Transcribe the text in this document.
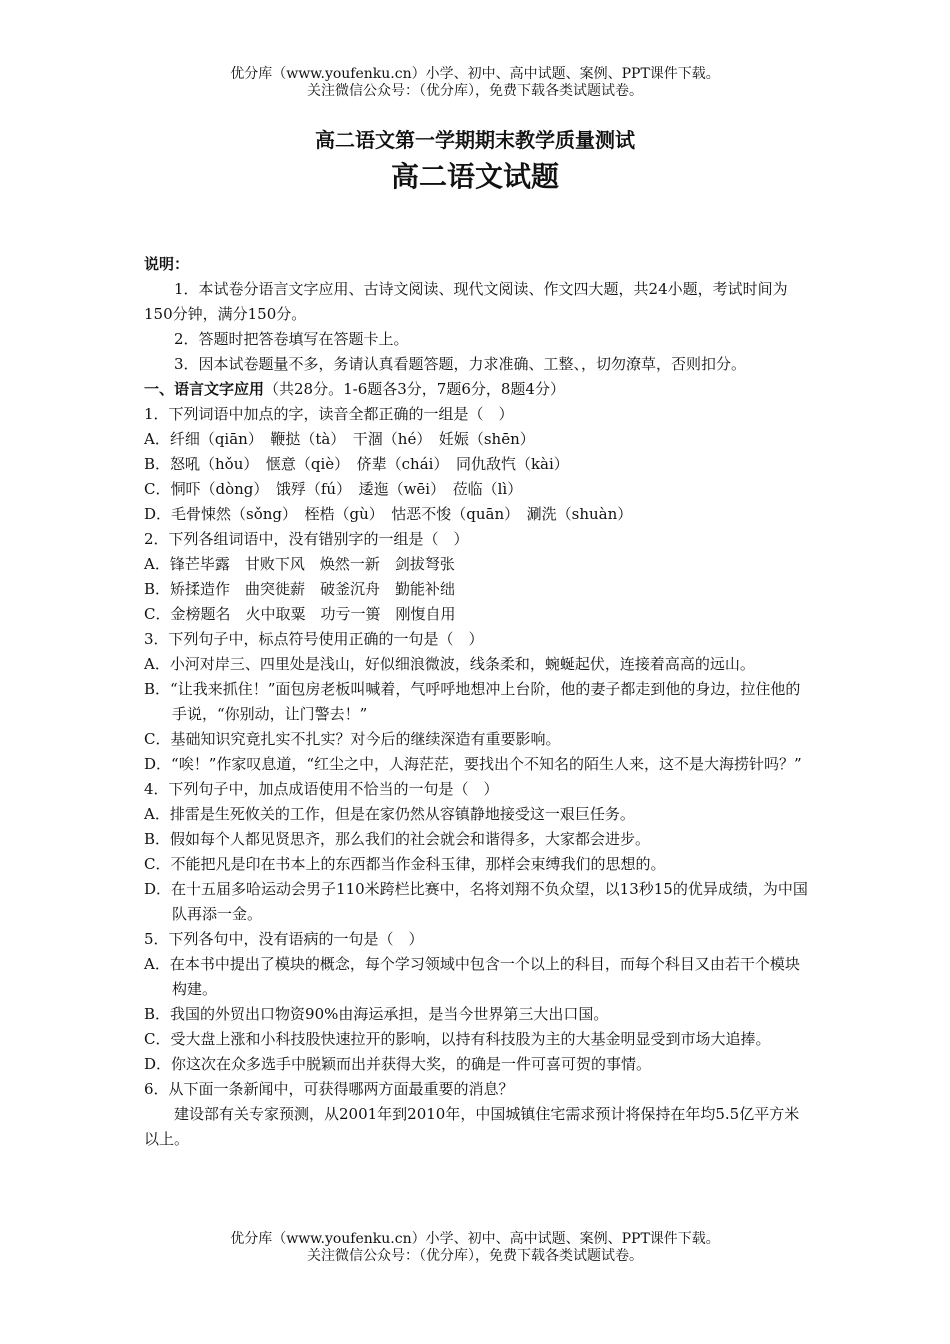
优分库（www.youfenku.cn）小学、初中、高中试题、案例、PPT课件下载。
关注微信公众号：（优分库），免费下载各类试题试卷。
高二语文第一学期期末教学质量测试
高二语文试题

说明：

1．本试卷分语言文字应用、古诗文阅读、现代文阅读、作文四大题，共24小题，考试时间为150分钟，满分150分。

2．答题时把答卷填写在答题卡上。

3．因本试卷题量不多，务请认真看题答题，力求准确、工整、，切勿潦草，否则扣分。

一、语言文字应用（共28分。1-6题各3分，7题6分，8题4分）

1．下列词语中加点的字，读音全都正确的一组是（　）

A．纤细（qiān）　鞭挞（tà）　干涸（hé）　妊娠（shēn）

B．怒吼（hǒu）　惬意（qiè）　侪辈（chái）　同仇敌忾（kài）

C．恫吓（dòng）　饿殍（fú）　逶迤（wēi）　莅临（lì）

D．毛骨悚然（sǒng）　桎梏（gù）　怙恶不悛（quān）　涮洗（shuàn）

2．下列各组词语中，没有错别字的一组是（　）

A．锋芒毕露　甘败下风　焕然一新　剑拔弩张

B．矫揉造作　曲突徙薪　破釜沉舟　勤能补绌

C．金榜题名　火中取粟　功亏一篑　刚愎自用

3．下列句子中，标点符号使用正确的一句是（　）

A．小河对岸三、四里处是浅山，好似细浪微波，线条柔和，蜿蜒起伏，连接着高高的远山。

B．“让我来抓住！”面包房老板叫喊着，气呼呼地想冲上台阶，他的妻子都走到他的身边，拉住他的手说，“你别动，让门警去！”

C．基础知识究竟扎实不扎实？对今后的继续深造有重要影响。

D．“唉！”作家叹息道，“红尘之中，人海茫茫，要找出个不知名的陌生人来，这不是大海捞针吗？”

4．下列句子中，加点成语使用不恰当的一句是（　）

A．排雷是生死攸关的工作，但是在家仍然从容镇静地接受这一艰巨任务。

B．假如每个人都见贤思齐，那么我们的社会就会和谐得多，大家都会进步。

C．不能把凡是印在书本上的东西都当作金科玉律，那样会束缚我们的思想的。

D．在十五届多哈运动会男子110米跨栏比赛中，名将刘翔不负众望，以13秒15的优异成绩，为中国队再添一金。

5．下列各句中，没有语病的一句是（　）

A．在本书中提出了模块的概念，每个学习领域中包含一个以上的科目，而每个科目又由若干个模块构建。

B．我国的外贸出口物资90%由海运承担，是当今世界第三大出口国。

C．受大盘上涨和小科技股快速拉开的影响，以持有科技股为主的大基金明显受到市场大追捧。

D．你这次在众多选手中脱颖而出并获得大奖，的确是一件可喜可贺的事情。

6．从下面一条新闻中，可获得哪两方面最重要的消息？

建设部有关专家预测，从2001年到2010年，中国城镇住宅需求预计将保持在年均5.5亿平方米以上。

优分库（www.youfenku.cn）小学、初中、高中试题、案例、PPT课件下载。
关注微信公众号：（优分库），免费下载各类试题试卷。
